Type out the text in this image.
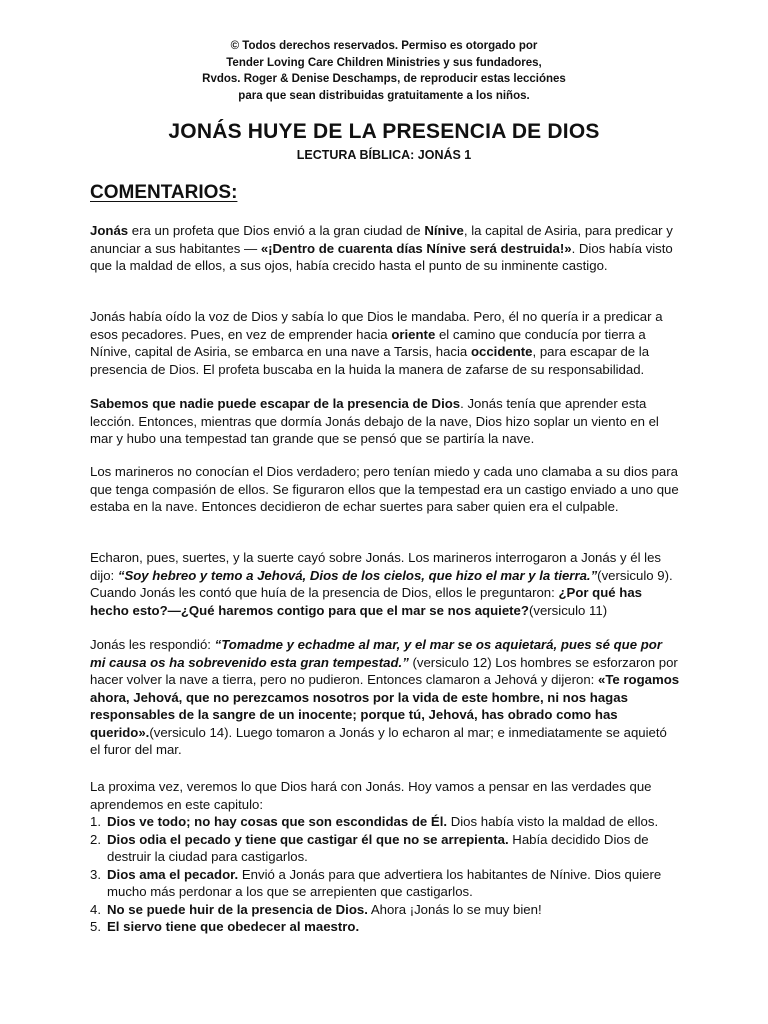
© Todos derechos reservados. Permiso es otorgado por
Tender Loving Care Children Ministries y sus fundadores,
Rvdos. Roger & Denise Deschamps, de reproducir estas lecciónes
para que sean distribuidas gratuitamente a los niños.
JONÁS HUYE DE LA PRESENCIA DE DIOS
LECTURA BÍBLICA: JONÁS 1
COMENTARIOS:

Jonás era un profeta que Dios envió a la gran ciudad de Nínive, la capital de Asiria, para predicar y anunciar a sus habitantes — «¡Dentro de cuarenta días Nínive será destruida!». Dios había visto que la maldad de ellos, a sus ojos, había crecido hasta el punto de su inminente castigo.

Jonás había oído la voz de Dios y sabía lo que Dios le mandaba. Pero, él no quería ir a predicar a esos pecadores. Pues, en vez de emprender hacia oriente el camino que conducía por tierra a Nínive, capital de Asiria, se embarca en una nave a Tarsis, hacia occidente, para escapar de la presencia de Dios. El profeta buscaba en la huida la manera de zafarse de su responsabilidad.

Sabemos que nadie puede escapar de la presencia de Dios. Jonás tenía que aprender esta lección. Entonces, mientras que dormía Jonás debajo de la nave, Dios hizo soplar un viento en el mar y hubo una tempestad tan grande que se pensó que se partiría la nave.

Los marineros no conocían el Dios verdadero; pero tenían miedo y cada uno clamaba a su dios para que tenga compasión de ellos. Se figuraron ellos que la tempestad era un castigo enviado a uno que estaba en la nave. Entonces decidieron de echar suertes para saber quien era el culpable.

Echaron, pues, suertes, y la suerte cayó sobre Jonás. Los marineros interrogaron a Jonás y él les dijo: “Soy hebreo y temo a Jehová, Dios de los cielos, que hizo el mar y la tierra.”(versiculo 9). Cuando Jonás les contó que huía de la presencia de Dios, ellos le preguntaron: ¿Por qué has hecho esto?—¿Qué haremos contigo para que el mar se nos aquiete?(versiculo 11)

Jonás les respondió: “Tomadme y echadme al mar, y el mar se os aquietará, pues sé que por mi causa os ha sobrevenido esta gran tempestad.” (versiculo 12) Los hombres se esforzaron por hacer volver la nave a tierra, pero no pudieron. Entonces clamaron a Jehová y dijeron: «Te rogamos ahora, Jehová, que no perezcamos nosotros por la vida de este hombre, ni nos hagas responsables de la sangre de un inocente; porque tú, Jehová, has obrado como has querido».(versiculo 14). Luego tomaron a Jonás y lo echaron al mar; e inmediatamente se aquietó el furor del mar.

La proxima vez, veremos lo que Dios hará con Jonás. Hoy vamos a pensar en las verdades que aprendemos en este capitulo:

1. Dios ve todo; no hay cosas que son escondidas de Él. Dios había visto la maldad de ellos.
2. Dios odia el pecado y tiene que castigar él que no se arrepienta. Había decidido Dios de destruir la ciudad para castigarlos.
3. Dios ama el pecador. Envió a Jonás para que advertiera los habitantes de Nínive. Dios quiere mucho más perdonar a los que se arrepienten que castigarlos.
4. No se puede huir de la presencia de Dios. Ahora ¡Jonás lo se muy bien!
5. El siervo tiene que obedecer al maestro.
